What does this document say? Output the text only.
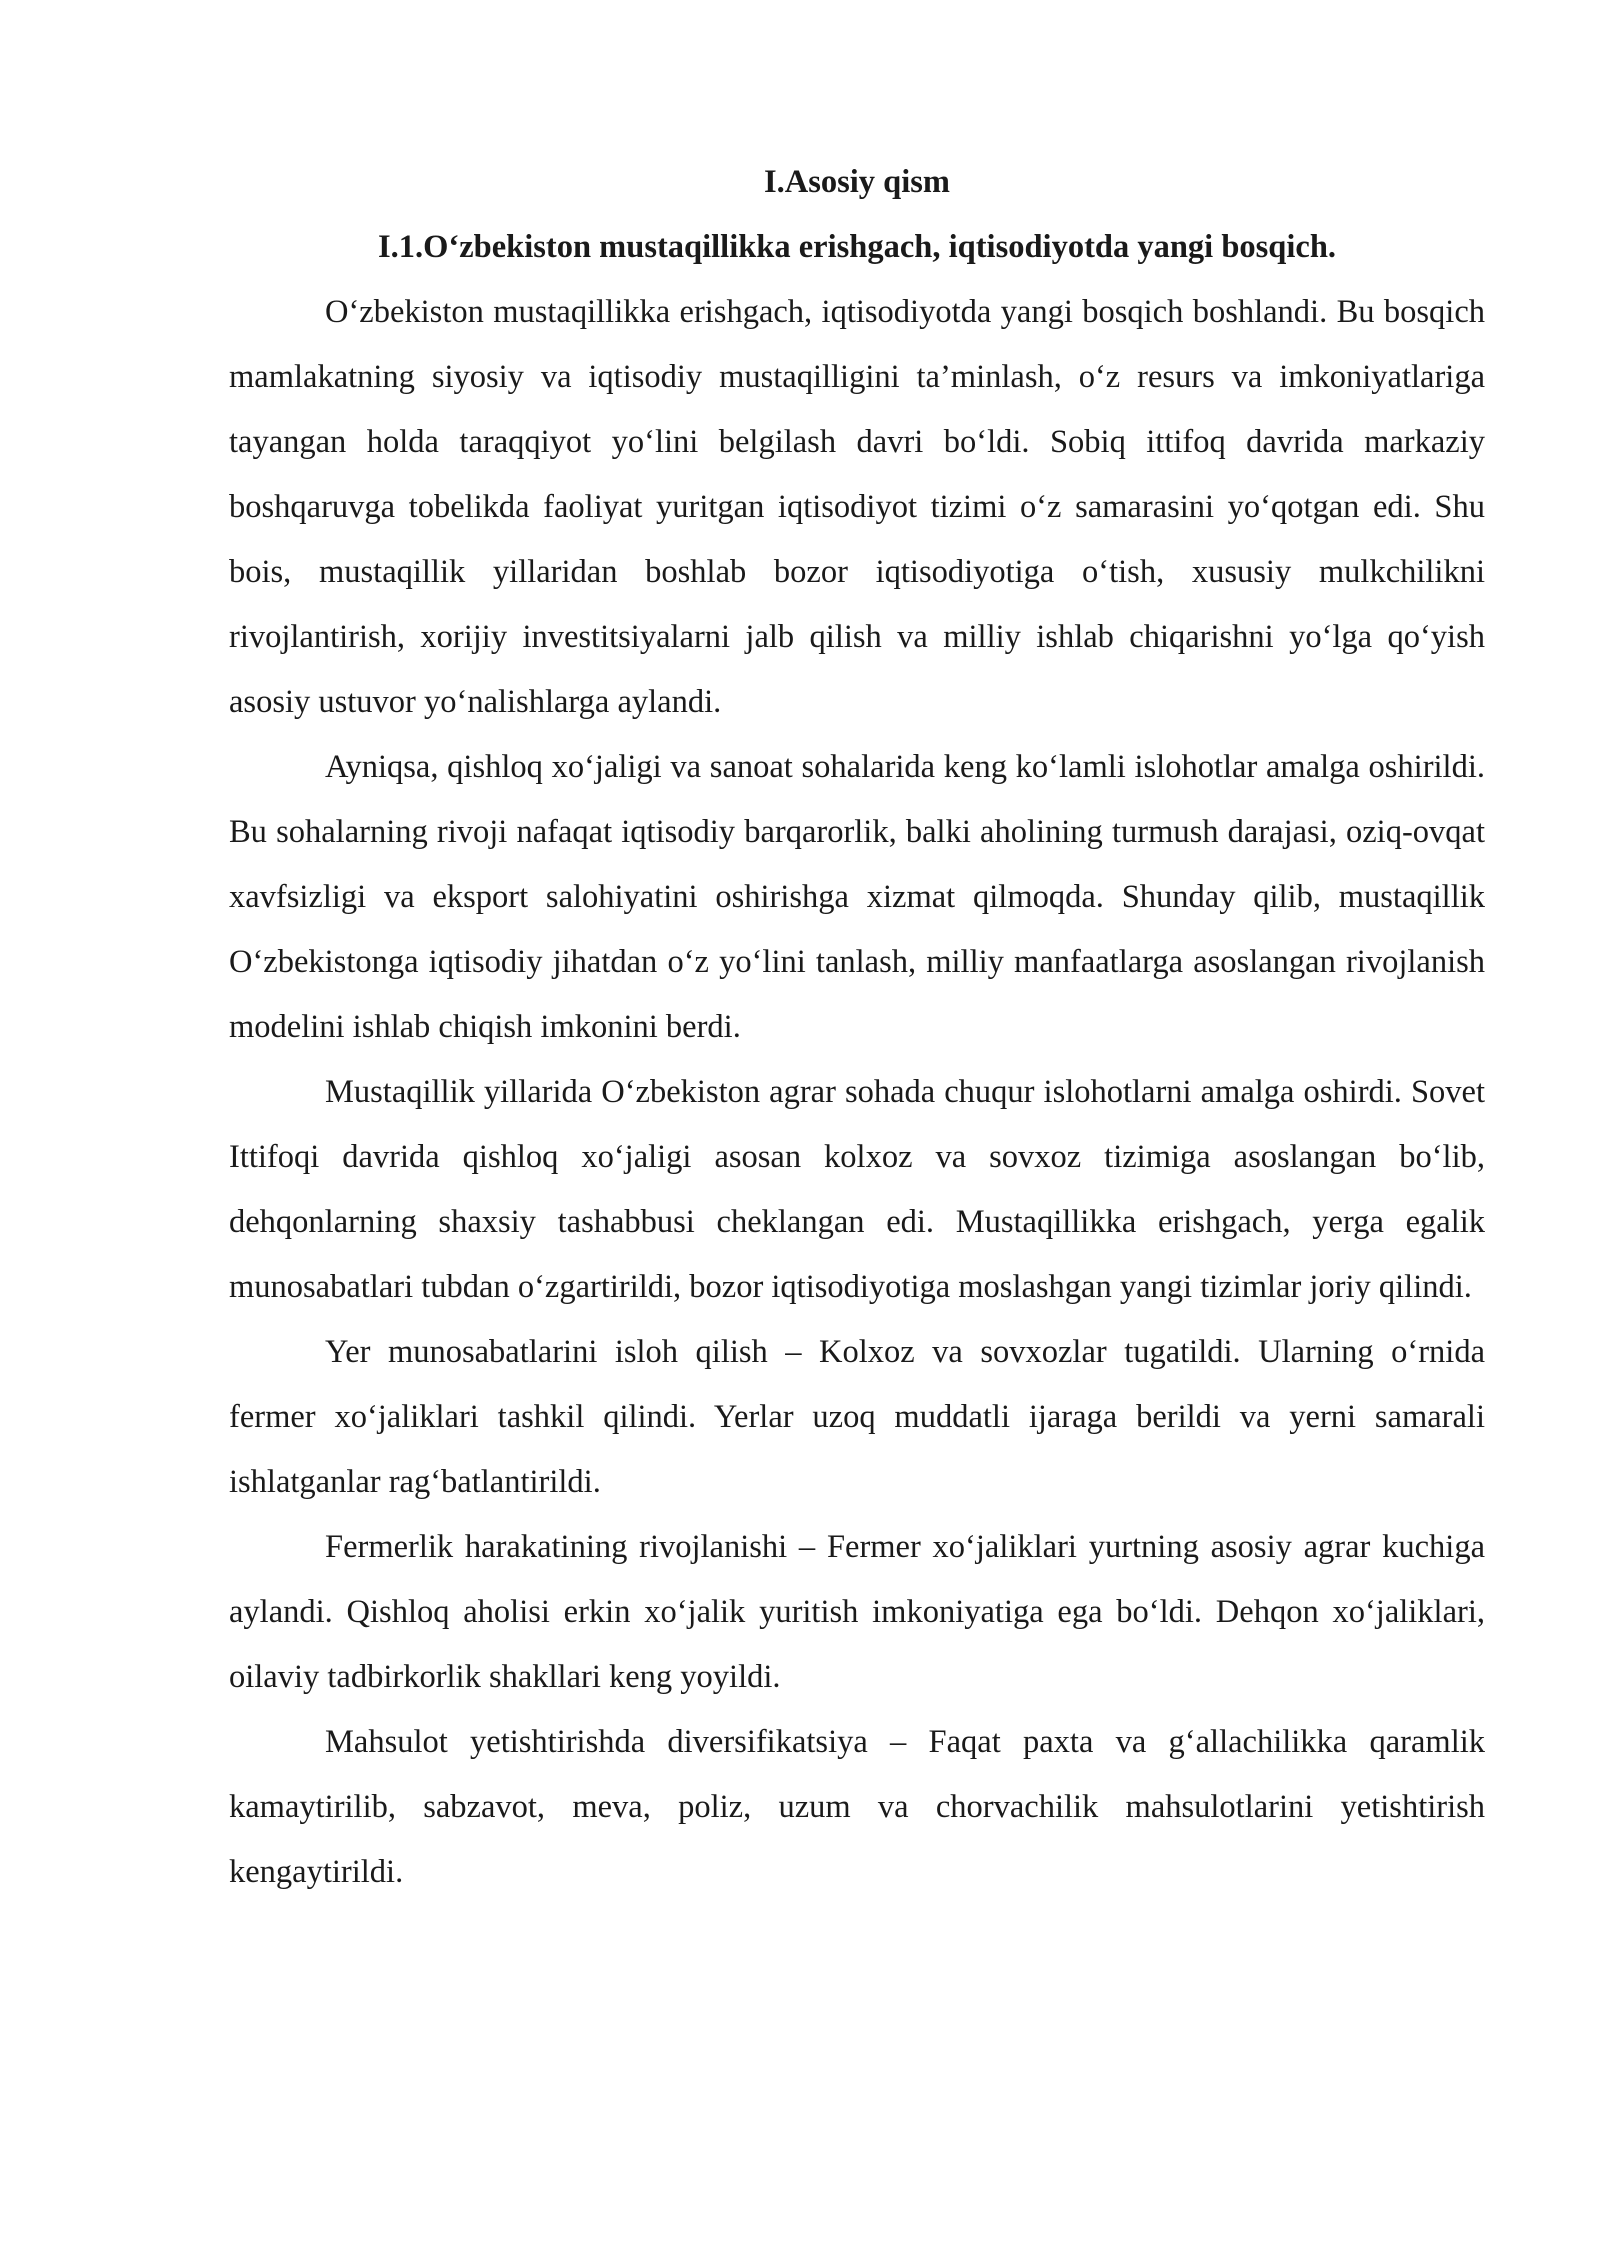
I.Asosiy qism

I.1.O‘zbekiston mustaqillikka erishgach, iqtisodiyotda yangi bosqich.

O‘zbekiston mustaqillikka erishgach, iqtisodiyotda yangi bosqich boshlandi. Bu bosqich mamlakatning siyosiy va iqtisodiy mustaqilligini ta’minlash, o‘z resurs va imkoniyatlariga tayangan holda taraqqiyot yo‘lini belgilash davri bo‘ldi. Sobiq ittifoq davrida markaziy boshqaruvga tobelikda faoliyat yuritgan iqtisodiyot tizimi o‘z samarasini yo‘qotgan edi. Shu bois, mustaqillik yillaridan boshlab bozor iqtisodiyotiga o‘tish, xususiy mulkchilikni rivojlantirish, xorijiy investitsiyalarni jalb qilish va milliy ishlab chiqarishni yo‘lga qo‘yish asosiy ustuvor yo‘nalishlarga aylandi.

Ayniqsa, qishloq xo‘jaligi va sanoat sohalarida keng ko‘lamli islohotlar amalga oshirildi. Bu sohalarning rivoji nafaqat iqtisodiy barqarorlik, balki aholining turmush darajasi, oziq-ovqat xavfsizligi va eksport salohiyatini oshirishga xizmat qilmoqda. Shunday qilib, mustaqillik O‘zbekistonga iqtisodiy jihatdan o‘z yo‘lini tanlash, milliy manfaatlarga asoslangan rivojlanish modelini ishlab chiqish imkonini berdi.

Mustaqillik yillarida O‘zbekiston agrar sohada chuqur islohotlarni amalga oshirdi. Sovet Ittifoqi davrida qishloq xo‘jaligi asosan kolxoz va sovxoz tizimiga asoslangan bo‘lib, dehqonlarning shaxsiy tashabbusi cheklangan edi. Mustaqillikka erishgach, yerga egalik munosabatlari tubdan o‘zgartirildi, bozor iqtisodiyotiga moslashgan yangi tizimlar joriy qilindi.

Yer munosabatlarini isloh qilish – Kolxoz va sovxozlar tugatildi. Ularning o‘rnida fermer xo‘jaliklari tashkil qilindi. Yerlar uzoq muddatli ijaraga berildi va yerni samarali ishlatganlar rag‘batlantirildi.

Fermerlik harakatining rivojlanishi – Fermer xo‘jaliklari yurtning asosiy agrar kuchiga aylandi. Qishloq aholisi erkin xo‘jalik yuritish imkoniyatiga ega bo‘ldi. Dehqon xo‘jaliklari, oilaviy tadbirkorlik shakllari keng yoyildi.

Mahsulot yetishtirishda diversifikatsiya – Faqat paxta va g‘allachilikka qaramlik kamaytirilib, sabzavot, meva, poliz, uzum va chorvachilik mahsulotlarini yetishtirish kengaytirildi.
